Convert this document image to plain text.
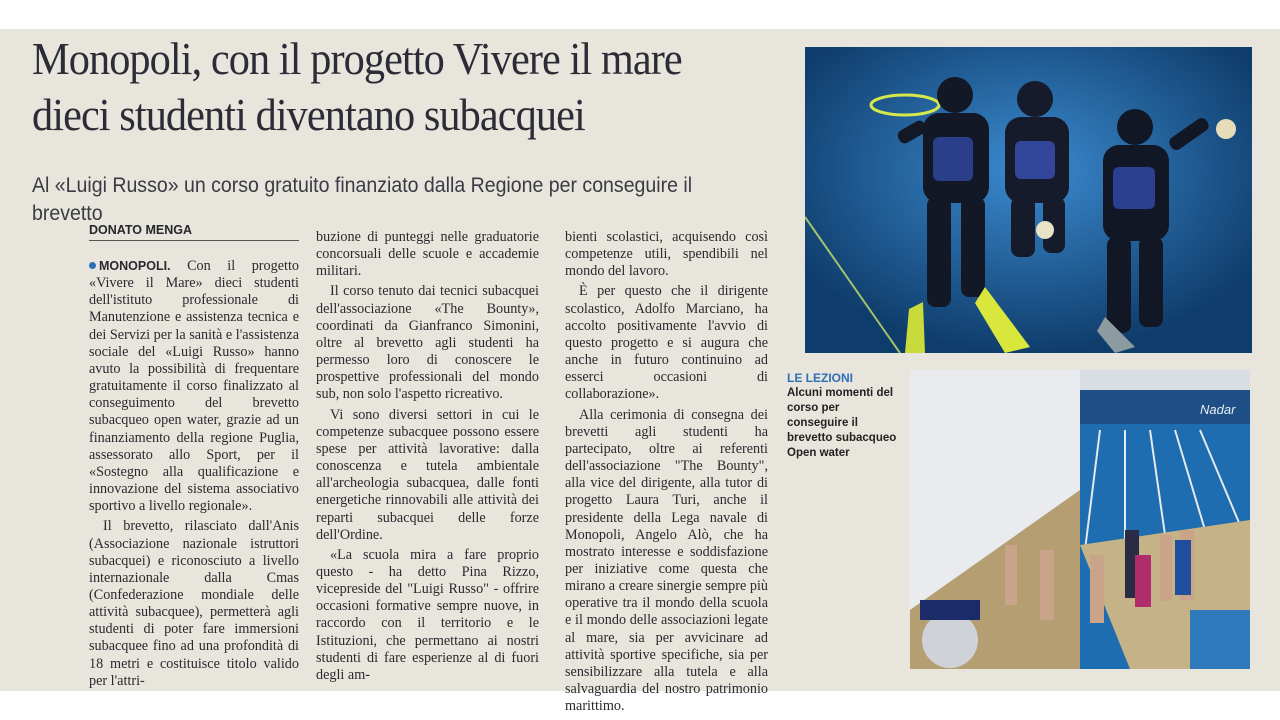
Monopoli, con il progetto Vivere il mare
dieci studenti diventano subacquei
Al «Luigi Russo» un corso gratuito finanziato dalla Regione per conseguire il brevetto
DONATO MENGA

MONOPOLI. Con il progetto «Vivere il Mare» dieci studenti dell'istituto professionale di Manutenzione e assistenza tecnica e dei Servizi per la sanità e l'assistenza sociale del «Luigi Russo» hanno avuto la possibilità di frequentare gratuitamente il corso finalizzato al conseguimento del brevetto subacqueo open water, grazie ad un finanziamento della regione Puglia, assessorato allo Sport, per il «Sostegno alla qualificazione e innovazione del sistema associativo sportivo a livello regionale».

Il brevetto, rilasciato dall'Anis (Associazione nazionale istruttori subacquei) e riconosciuto a livello internazionale dalla Cmas (Confederazione mondiale delle attività subacquee), permetterà agli studenti di poter fare immersioni subacquee fino ad una profondità di 18 metri e costituisce titolo valido per l'attri-

buzione di punteggi nelle graduatorie concorsuali delle scuole e accademie militari.

Il corso tenuto dai tecnici subacquei dell'associazione «The Bounty», coordinati da Gianfranco Simonini, oltre al brevetto agli studenti ha permesso loro di conoscere le prospettive professionali del mondo sub, non solo l'aspetto ricreativo.

Vi sono diversi settori in cui le competenze subacquee possono essere spese per attività lavorative: dalla conoscenza e tutela ambientale all'archeologia subacquea, dalle fonti energetiche rinnovabili alle attività dei reparti subacquei delle forze dell'Ordine.

«La scuola mira a fare proprio questo - ha detto Pina Rizzo, vicepreside del "Luigi Russo" - offrire occasioni formative sempre nuove, in raccordo con il territorio e le Istituzioni, che permettano ai nostri studenti di fare esperienze al di fuori degli am-

bienti scolastici, acquisendo così competenze utili, spendibili nel mondo del lavoro.

È per questo che il dirigente scolastico, Adolfo Marciano, ha accolto positivamente l'avvio di questo progetto e si augura che anche in futuro continuino ad esserci occasioni di collaborazione».

Alla cerimonia di consegna dei brevetti agli studenti ha partecipato, oltre ai referenti dell'associazione "The Bounty", alla vice del dirigente, alla tutor di progetto Laura Turi, anche il presidente della Lega navale di Monopoli, Angelo Alò, che ha mostrato interesse e soddisfazione per iniziative come questa che mirano a creare sinergie sempre più operative tra il mondo della scuola e il mondo delle associazioni legate al mare, sia per avvicinare ad attività sportive specifiche, sia per sensibilizzare alla tutela e alla salvaguardia del nostro patrimonio marittimo.

LE LEZIONI
Alcuni momenti del corso per conseguire il brevetto subacqueo Open water
Nadar
